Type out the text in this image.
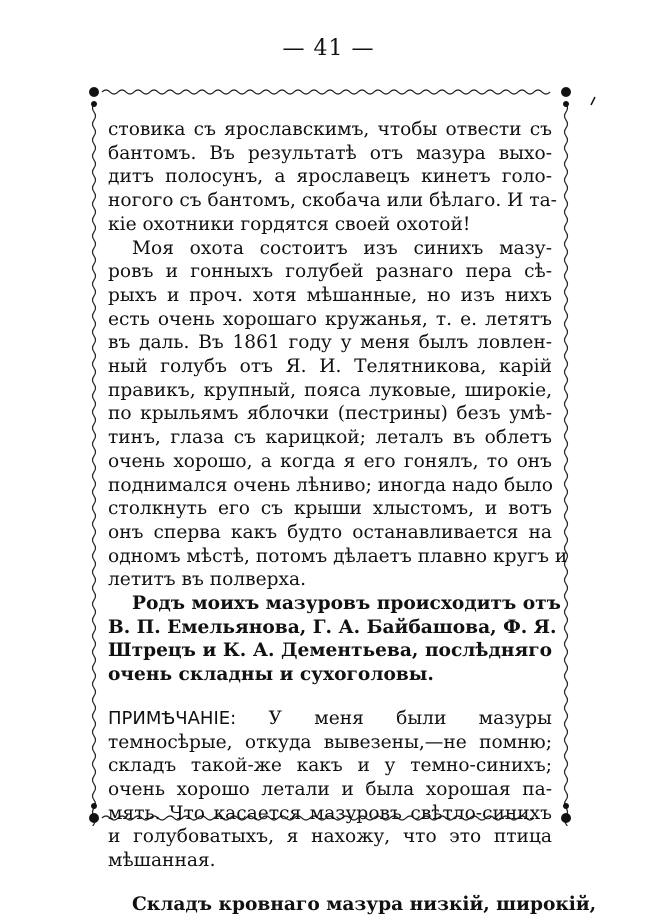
— 41 —

стовика съ ярославскимъ, чтобы отвести съ
бантомъ. Въ результатѣ отъ мазура выхо-
дитъ полосунъ, а ярославецъ кинетъ голо-
ногого съ бантомъ, скобача или бѣлаго. И та-
кіе охотники гордятся своей охотой!

Моя охота состоитъ изъ синихъ мазу-
ровъ и гонныхъ голубей разнаго пера сѣ-
рыхъ и проч. хотя мѣшанные, но изъ нихъ
есть очень хорошаго кружанья, т. е. летятъ
въ даль. Въ 1861 году у меня былъ ловлен-
ный голубъ отъ Я. И. Телятникова, карій
правикъ, крупный, пояса луковые, широкіе,
по крыльямъ яблочки (пестрины) безъ умѣ-
тинъ, глаза съ карицкой; леталъ въ облетъ
очень хорошо, а когда я его гонялъ, то онъ
поднимался очень лѣниво; иногда надо было
столкнуть его съ крыши хлыстомъ, и вотъ
онъ сперва какъ будто останавливается на
одномъ мѣстѣ, потомъ дѣлаетъ плавно кругъ и
летитъ въ полверха.

Родъ моихъ мазуровъ происходитъ отъ
В. П. Емельянова, Г. А. Байбашова, Ф. Я.
Штрецъ и К. А. Дементьева, послѣдняго
очень складны и сухоголовы.

ПРИМѢЧАНІЕ: У меня были мазуры
темносѣрые, откуда вывезены,—не помню;
складъ такой-же какъ и у темно-синихъ;
очень хорошо летали и была хорошая па-
мять. Что касается мазуровъ свѣтло-синихъ
и голубоватыхъ, я нахожу, что это птица
мѣшанная.

Складъ кровнаго мазура низкій, широкій,
